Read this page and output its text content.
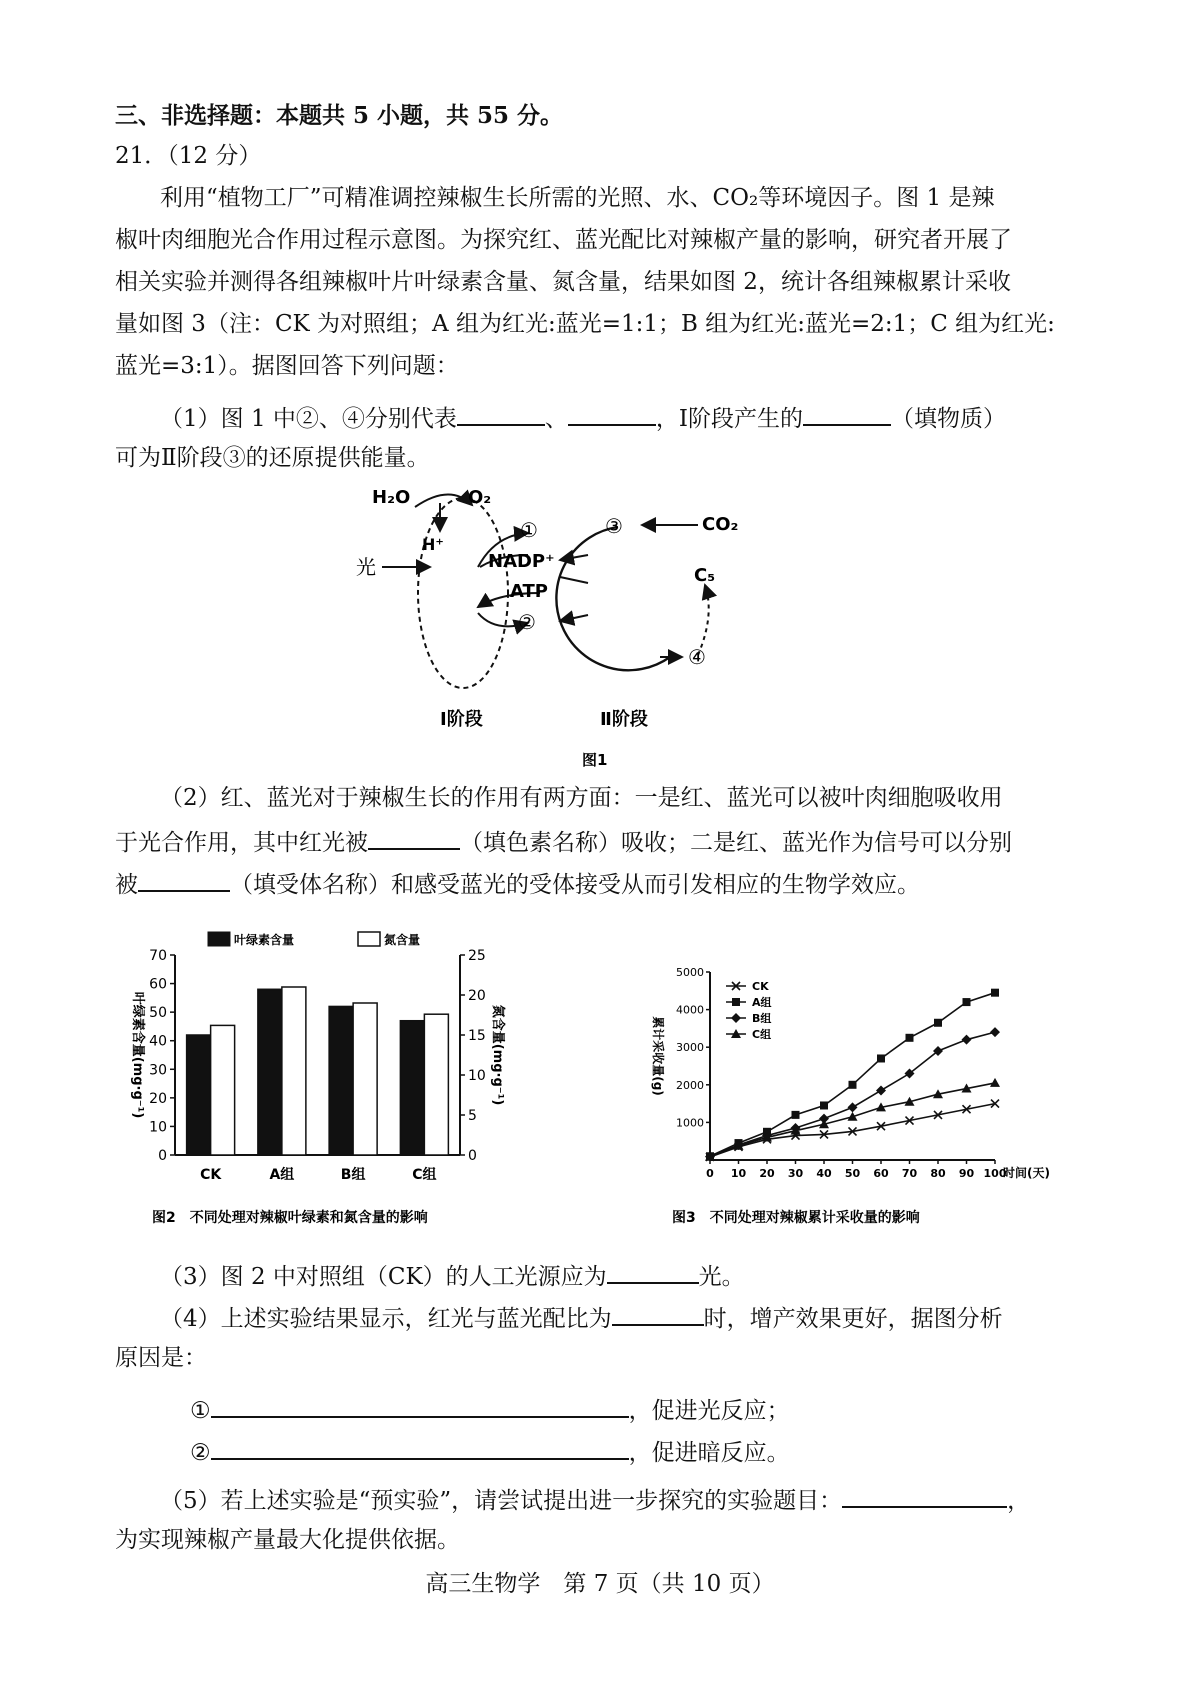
三、非选择题：本题共 5 小题，共 55 分。
21．（12 分）
利用“植物工厂”可精准调控辣椒生长所需的光照、水、CO₂等环境因子。图 1 是辣
椒叶肉细胞光合作用过程示意图。为探究红、蓝光配比对辣椒产量的影响，研究者开展了
相关实验并测得各组辣椒叶片叶绿素含量、氮含量，结果如图 2，统计各组辣椒累计采收
量如图 3（注：CK 为对照组；A 组为红光:蓝光=1:1；B 组为红光:蓝光=2:1；C 组为红光:
蓝光=3:1）。据图回答下列问题：
（1）图 1 中②、④分别代表	、	，Ⅰ阶段产生的	（填物质）
可为Ⅱ阶段③的还原提供能量。
H₂O	O₂
H⁺
光
①
NADP⁺
ATP
②
③	CO₂
C₅
④
Ⅰ阶段	Ⅱ阶段
图1
（2）红、蓝光对于辣椒生长的作用有两方面：一是红、蓝光可以被叶肉细胞吸收用
于光合作用，其中红光被	（填色素名称）吸收；二是红、蓝光作为信号可以分别
被	（填受体名称）和感受蓝光的受体接受从而引发相应的生物学效应。
0
10
20
30
40
50
60
70
0
5
10
15
20
25
叶绿素含量(mg·g⁻¹)	氮含量(mg·g⁻¹)
CK	A组	B组	C组
叶绿素含量	氮含量
图2　不同处理对辣椒叶绿素和氮含量的影响
1000
2000
3000
4000
5000
0 10 20 30 40 50 60 70 80 90 100
时间(天)
累计采收量(g)
CK
A组
B组
C组
图3　不同处理对辣椒累计采收量的影响
（3）图 2 中对照组（CK）的人工光源应为	光。
（4）上述实验结果显示，红光与蓝光配比为	时，增产效果更好，据图分析
原因是：
①	，促进光反应；
②	，促进暗反应。
（5）若上述实验是“预实验”，请尝试提出进一步探究的实验题目：	，
为实现辣椒产量最大化提供依据。
高三生物学　第 7 页（共 10 页）
